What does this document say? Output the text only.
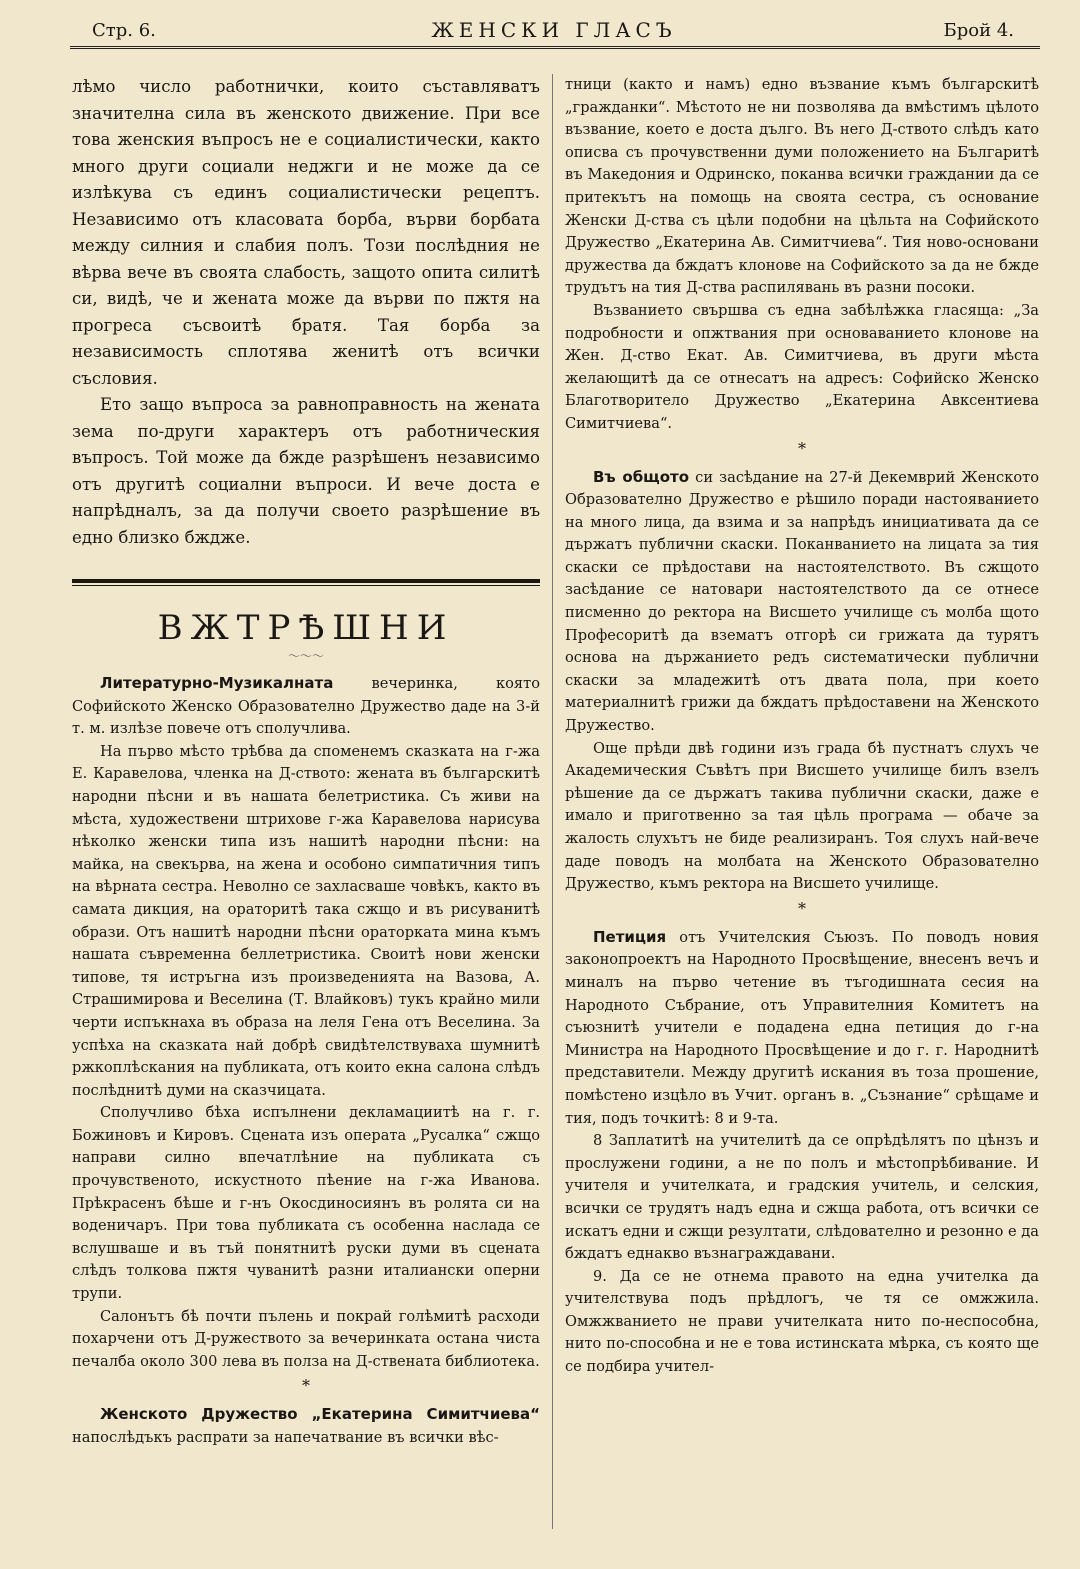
Стр. 6.	ЖЕНСКИ ГЛАСЪ	Брой 4.

лѣмо число работнички, които съставляватъ значителна сила въ женското движение. При все това женския въпросъ не е социалистически, както много други социали неджги и не може да се излѣкува съ единъ социалистически рецептъ. Независимо отъ класовата борба, върви борбата между силния и слабия полъ. Този послѣдния не вѣрва вече въ своята слабость, защото опита силитѣ си, видѣ, че и жената може да върви по пжтя на прогреса съсвоитѣ братя. Тая борба за независимость сплотява женитѣ отъ всички съсловия.

Ето защо въпроса за равноправность на жената зема по-други характеръ отъ работническия въпросъ. Той може да бжде разрѣшенъ независимо отъ другитѣ социални въпроси. И вече доста е напрѣдналъ, за да получи своето разрѣшение въ едно близко бждже.

ВЖТРѢШНИ
〜〜〜

Литературно-Музикалната вечеринка, която Софийското Женско Образователно Дружество даде на 3-й т. м. излѣзе повече отъ сполучлива.

На първо мѣсто трѣбва да споменемъ сказката на г-жа Е. Каравелова, членка на Д-ството: жената въ българскитѣ народни пѣсни и въ нашата белетристика. Съ живи на мѣста, художествени штрихове г-жа Каравелова нарисува нѣколко женски типа изъ нашитѣ народни пѣсни: на майка, на свекърва, на жена и особоно симпатичния типъ на вѣрната сестра. Неволно се захласваше човѣкъ, както въ самата дикция, на ораторитѣ така сжщо и въ рисуванитѣ образи. Отъ нашитѣ народни пѣсни ораторката мина къмъ нашата съвременна беллетристика. Своитѣ нови женски типове, тя истръгна изъ произведенията на Вазова, А. Страшимирова и Веселина (Т. Влайковъ) тукъ крайно мили черти испъкнаха въ образа на леля Гена отъ Веселина. За успѣха на сказката най добрѣ свидѣтелствуваха шумнитѣ ржкоплѣскания на публиката, отъ които екна салона слѣдъ послѣднитѣ думи на сказчицата.

Сполучливо бѣха испълнени декламациитѣ на г. г. Божиновъ и Кировъ. Сцената изъ операта „Русалка“ сжщо направи силно впечатлѣние на публиката съ прочувственото, искустното пѣение на г-жа Иванова. Прѣкрасенъ бѣше и г-нъ Окосдиносиянъ въ ролята си на воденичаръ. При това публиката съ особенна наслада се вслушваше и въ тъй понятнитѣ руски думи въ сцената слѣдъ толкова пжтя чуванитѣ разни италиански оперни трупи.

Салонътъ бѣ почти пълень и покрай голѣмитѣ расходи похарчени отъ Д-ружеството за вечеринката остана чиста печалба около 300 лева въ полза на Д-ствената библиотека.

*

Женското Дружество „Екатерина Симитчиева“ напослѣдъкъ распрати за напечатвание въ всички вѣс-

тници (както и намъ) едно възвание къмъ българскитѣ „гражданки“. Мѣстото не ни позволява да вмѣстимъ цѣлото възвание, което е доста дълго. Въ него Д-ството слѣдъ като описва съ прочувственни думи положението на Българитѣ въ Македония и Одринско, поканва всички граждании да се притекътъ на помощь на своята сестра, съ основание Женски Д-ства съ цѣли подобни на цѣльта на Софийското Дружество „Екатерина Ав. Симитчиева“. Тия ново-основани дружества да бждатъ клонове на Софийското за да не бжде трудътъ на тия Д-ства распилявань въ разни посоки.

Възванието свършва съ една забѣлѣжка гласяща: „За подробности и опжтвания при основаванието клонове на Жен. Д-ство Екат. Ав. Симитчиева, въ други мѣста желающитѣ да се отнесатъ на адресъ: Софийско Женско Благотворитело Дружество „Екатерина Авксентиева Симитчиева“.

*

Въ общото си засѣдание на 27-й Декемврий Женското Образователно Дружество е рѣшило поради настояванието на много лица, да взима и за напрѣдъ инициативата да се държатъ публични скаски. Поканванието на лицата за тия скаски се прѣдостави на настоятелството. Въ сжщото засѣдание се натовари настоятелството да се отнесе писменно до ректора на Висшето училище съ молба щото Професоритѣ да взематъ отгорѣ си грижата да турятъ основа на държанието редъ систематически публични скаски за младежитѣ отъ двата пола, при което материалнитѣ грижи да бждатъ прѣдоставени на Женското Дружество.

Още прѣди двѣ години изъ града бѣ пустнатъ слухъ че Академическия Съвѣтъ при Висшето училище билъ взелъ рѣшение да се държатъ такива публични скаски, даже е имало и приготвенно за тая цѣль програма — обаче за жалость слухътъ не биде реализиранъ. Тоя слухъ най-вече даде поводъ на молбата на Женското Образователно Дружество, къмъ ректора на Висшето училище.

*

Петиция отъ Учителския Съюзъ. По поводъ новия законопроектъ на Народното Просвѣщение, внесенъ вечъ и миналъ на първо четение въ тъгодишната сесия на Народното Събрание, отъ Управителния Комитетъ на съюзнитѣ учители е подадена една петиция до г-на Министра на Народното Просвѣщение и до г. г. Народнитѣ представители. Между другитѣ искания въ тоза прошение, помѣстено изцѣло въ Учит. органъ в. „Съзнание“ срѣщаме и тия, подъ точкитѣ: 8 и 9-та.

8 Заплатитѣ на учителитѣ да се опрѣдѣлятъ по цѣнзъ и прослужени години, а не по полъ и мѣстопрѣбивание. И учителя и учителката, и градския учитель, и селския, всички се трудятъ надъ една и сжща работа, отъ всички се искатъ едни и сжщи резултати, слѣдователно и резонно е да бждатъ еднакво възнаграждавани.

9. Да се не отнема правото на една учителка да учителствува подъ прѣдлогъ, че тя се омжжила. Омжжванието не прави учителката нито по-неспособна, нито по-способна и не е това истинската мѣрка, съ която ще се подбира учител-
